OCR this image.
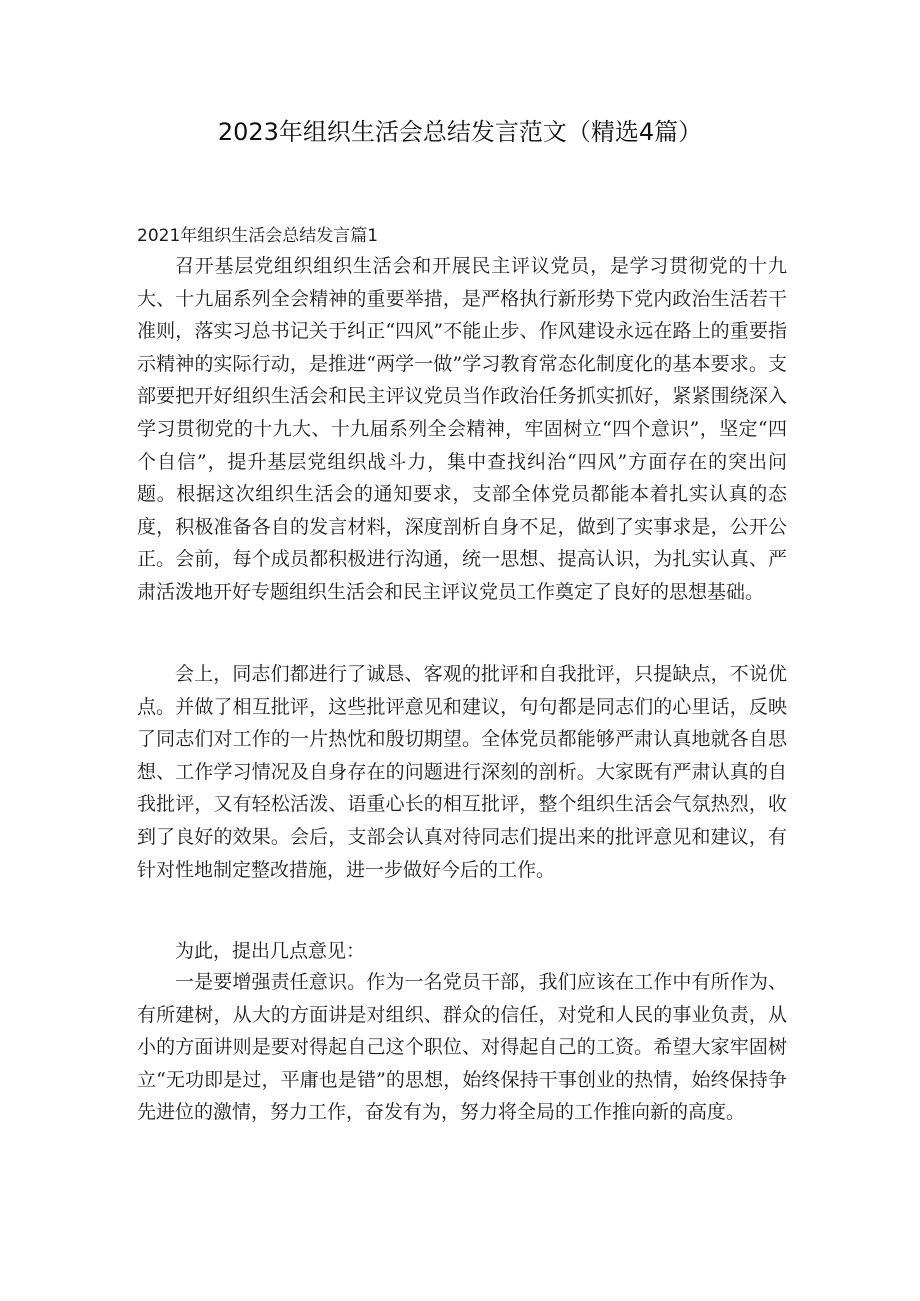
2023年组织生活会总结发言范文（精选4篇）
2021年组织生活会总结发言篇1

召开基层党组织组织生活会和开展民主评议党员，是学习贯彻党的十九大、十九届系列全会精神的重要举措，是严格执行新形势下党内政治生活若干准则，落实习总书记关于纠正“四风”不能止步、作风建设永远在路上的重要指示精神的实际行动，是推进“两学一做”学习教育常态化制度化的基本要求。支部要把开好组织生活会和民主评议党员当作政治任务抓实抓好，紧紧围绕深入学习贯彻党的十九大、十九届系列全会精神，牢固树立“四个意识”，坚定“四个自信”，提升基层党组织战斗力，集中查找纠治“四风”方面存在的突出问题。根据这次组织生活会的通知要求，支部全体党员都能本着扎实认真的态度，积极准备各自的发言材料，深度剖析自身不足，做到了实事求是，公开公正。会前，每个成员都积极进行沟通，统一思想、提高认识，为扎实认真、严肃活泼地开好专题组织生活会和民主评议党员工作奠定了良好的思想基础。

会上，同志们都进行了诚恳、客观的批评和自我批评，只提缺点，不说优点。并做了相互批评，这些批评意见和建议，句句都是同志们的心里话，反映了同志们对工作的一片热忱和殷切期望。全体党员都能够严肃认真地就各自思想、工作学习情况及自身存在的问题进行深刻的剖析。大家既有严肃认真的自我批评，又有轻松活泼、语重心长的相互批评，整个组织生活会气氛热烈，收到了良好的效果。会后，支部会认真对待同志们提出来的批评意见和建议，有针对性地制定整改措施，进一步做好今后的工作。

为此，提出几点意见：

一是要增强责任意识。作为一名党员干部，我们应该在工作中有所作为、有所建树，从大的方面讲是对组织、群众的信任，对党和人民的事业负责，从小的方面讲则是要对得起自己这个职位、对得起自己的工资。希望大家牢固树立“无功即是过，平庸也是错”的思想，始终保持干事创业的热情，始终保持争先进位的激情，努力工作，奋发有为，努力将全局的工作推向新的高度。
